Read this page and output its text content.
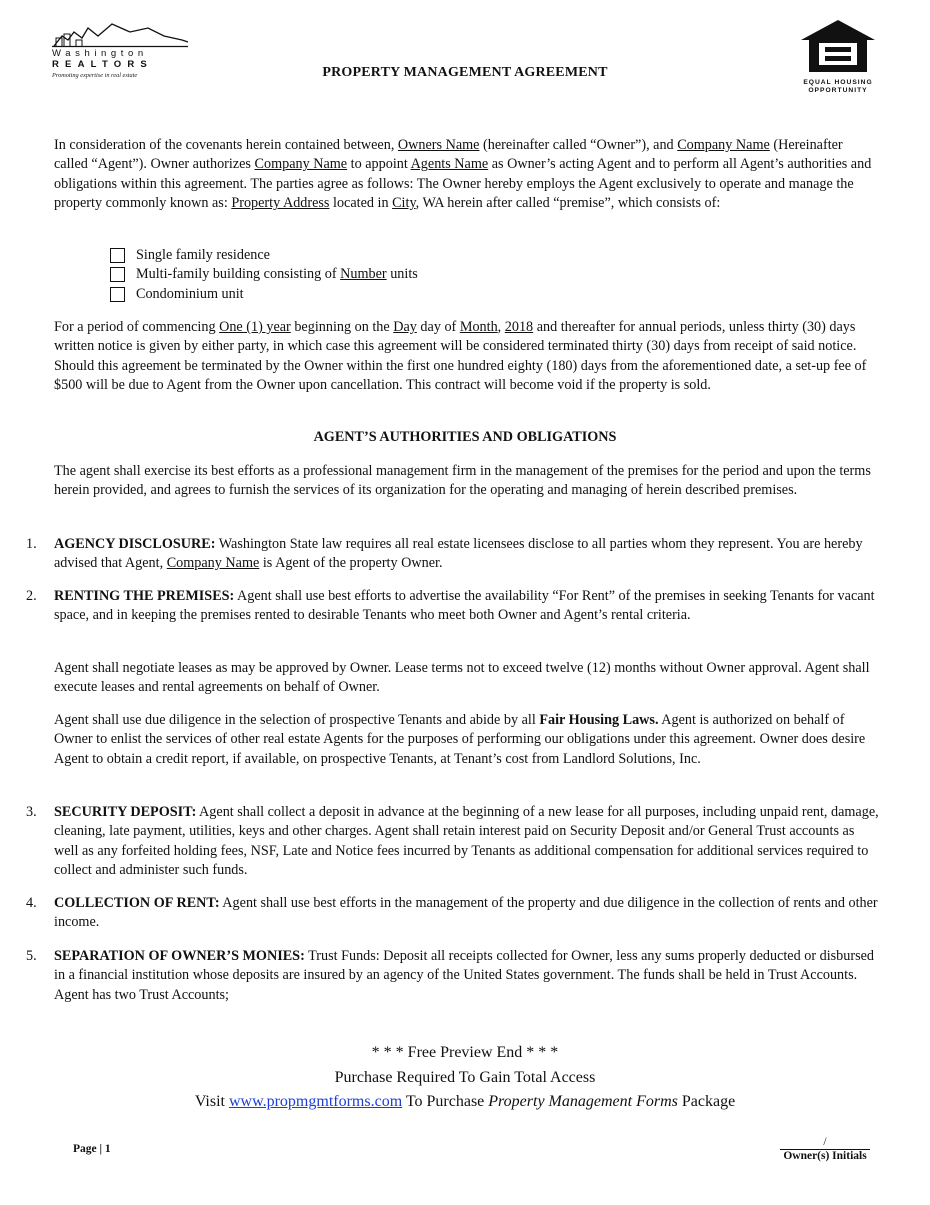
Washington
REALTORS
Promoting expertise in real estate	PROPERTY MANAGEMENT AGREEMENT
EQUAL HOUSING
OPPORTUNITY
In consideration of the covenants herein contained between, Owners Name (hereinafter called “Owner”), and Company Name (Hereinafter called “Agent”). Owner authorizes Company Name to appoint Agents Name as Owner’s acting Agent and to perform all Agent’s authorities and obligations within this agreement. The parties agree as follows: The Owner hereby employs the Agent exclusively to operate and manage the property commonly known as: Property Address located in City, WA herein after called “premise”, which consists of:
Single family residence
Multi-family building consisting of Number units
Condominium unit
For a period of commencing One (1) year beginning on the Day day of Month, 2018 and thereafter for annual periods, unless thirty (30) days written notice is given by either party, in which case this agreement will be considered terminated thirty (30) days from receipt of said notice. Should this agreement be terminated by the Owner within the first one hundred eighty (180) days from the aforementioned date, a set-up fee of $500 will be due to Agent from the Owner upon cancellation. This contract will become void if the property is sold.
AGENT’S AUTHORITIES AND OBLIGATIONS
The agent shall exercise its best efforts as a professional management firm in the management of the premises for the period and upon the terms herein provided, and agrees to furnish the services of its organization for the operating and managing of herein described premises.
1. AGENCY DISCLOSURE: Washington State law requires all real estate licensees disclose to all parties whom they represent. You are hereby advised that Agent, Company Name is Agent of the property Owner.
2. RENTING THE PREMISES: Agent shall use best efforts to advertise the availability “For Rent” of the premises in seeking Tenants for vacant space, and in keeping the premises rented to desirable Tenants who meet both Owner and Agent’s rental criteria.
Agent shall negotiate leases as may be approved by Owner. Lease terms not to exceed twelve (12) months without Owner approval. Agent shall execute leases and rental agreements on behalf of Owner.
Agent shall use due diligence in the selection of prospective Tenants and abide by all Fair Housing Laws. Agent is authorized on behalf of Owner to enlist the services of other real estate Agents for the purposes of performing our obligations under this agreement. Owner does desire Agent to obtain a credit report, if available, on prospective Tenants, at Tenant’s cost from Landlord Solutions, Inc.
3. SECURITY DEPOSIT: Agent shall collect a deposit in advance at the beginning of a new lease for all purposes, including unpaid rent, damage, cleaning, late payment, utilities, keys and other charges. Agent shall retain interest paid on Security Deposit and/or General Trust accounts as well as any forfeited holding fees, NSF, Late and Notice fees incurred by Tenants as additional compensation for additional services required to collect and administer such funds.
4. COLLECTION OF RENT: Agent shall use best efforts in the management of the property and due diligence in the collection of rents and other income.
5. SEPARATION OF OWNER’S MONIES: Trust Funds: Deposit all receipts collected for Owner, less any sums properly deducted or disbursed in a financial institution whose deposits are insured by an agency of the United States government. The funds shall be held in Trust Accounts. Agent has two Trust Accounts;
* * * Free Preview End * * *
Purchase Required To Gain Total Access
Visit www.propmgmtforms.com To Purchase Property Management Forms Package
Page | 1
/
Owner(s) Initials
